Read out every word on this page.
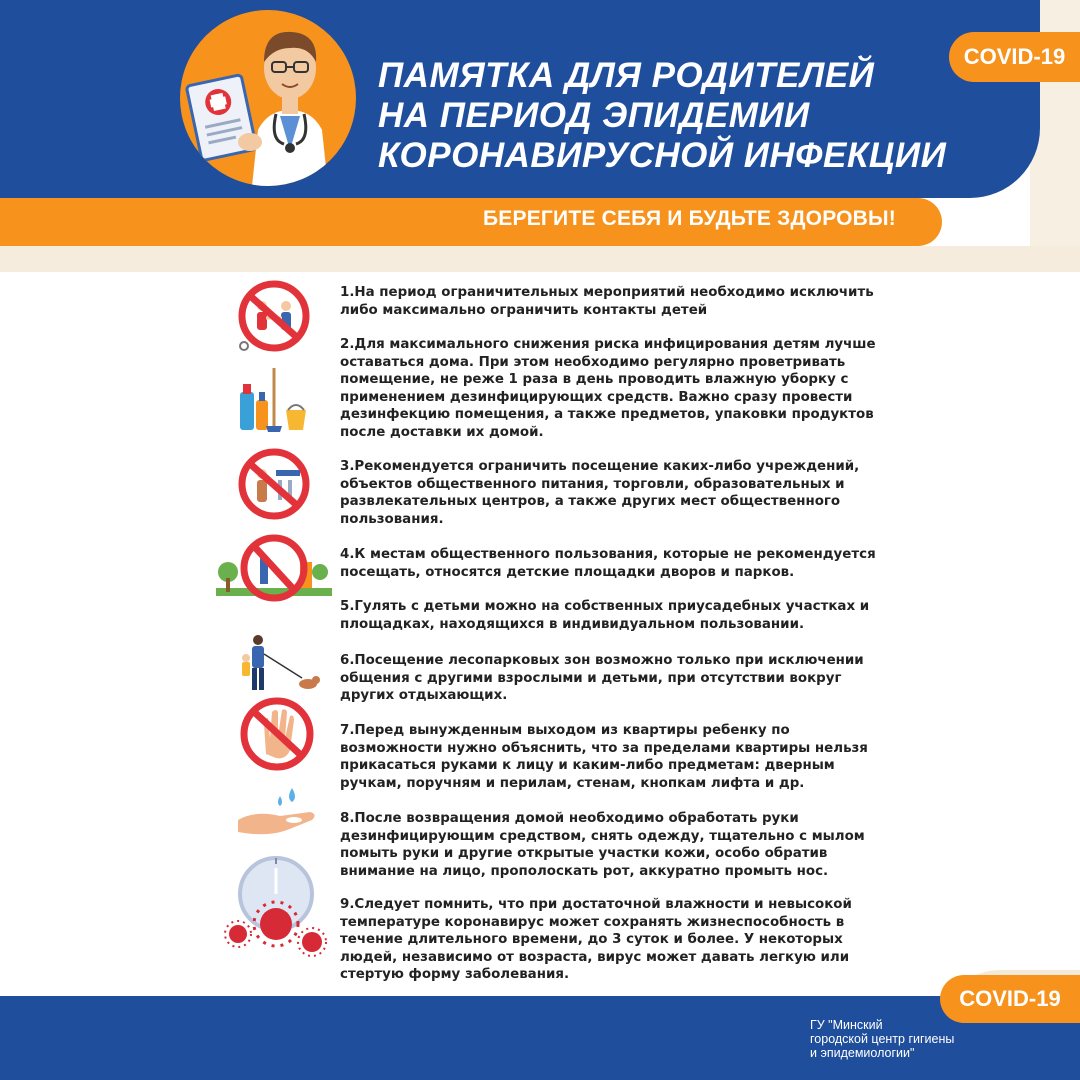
ПАМЯТКА ДЛЯ РОДИТЕЛЕЙ
НА ПЕРИОД ЭПИДЕМИИ
КОРОНАВИРУСНОЙ ИНФЕКЦИИ
COVID-19
БЕРЕГИТЕ СЕБЯ И БУДЬТЕ ЗДОРОВЫ!
1.На период ограничительных мероприятий необходимо исключить либо максимально ограничить контакты детей
2.Для максимального снижения риска инфицирования детям лучше оставаться дома. При этом необходимо регулярно проветривать помещение, не реже 1 раза в день проводить влажную уборку с применением дезинфицирующих средств. Важно сразу провести дезинфекцию помещения, а также предметов, упаковки продуктов после доставки их домой.
3.Рекомендуется ограничить посещение каких-либо учреждений, объектов общественного питания, торговли, образовательных и развлекательных центров, а также других мест общественного пользования.
4.К местам общественного пользования, которые не рекомендуется посещать, относятся детские площадки дворов и парков.
5.Гулять с детьми можно на собственных приусадебных участках и площадках, находящихся в индивидуальном пользовании.
6.Посещение лесопарковых зон возможно только при исключении общения с другими взрослыми и детьми, при отсутствии вокруг других отдыхающих.
7.Перед вынужденным выходом из квартиры ребенку по возможности нужно объяснить, что за пределами квартиры нельзя прикасаться руками к лицу и каким-либо предметам: дверным ручкам, поручням и перилам, стенам, кнопкам лифта и др.
8.После возвращения домой необходимо обработать руки дезинфицирующим средством, снять одежду, тщательно с мылом помыть руки и другие открытые участки кожи, особо обратив внимание на лицо, прополоскать рот, аккуратно промыть нос.
9.Следует помнить, что при достаточной влажности и невысокой температуре коронавирус может сохранять жизнеспособность в течение длительного времени, до 3 суток и более. У некоторых людей, независимо от возраста, вирус может давать легкую или стертую форму заболевания.
COVID-19
ГУ "Минский
городской центр гигиены
и эпидемиологии"
